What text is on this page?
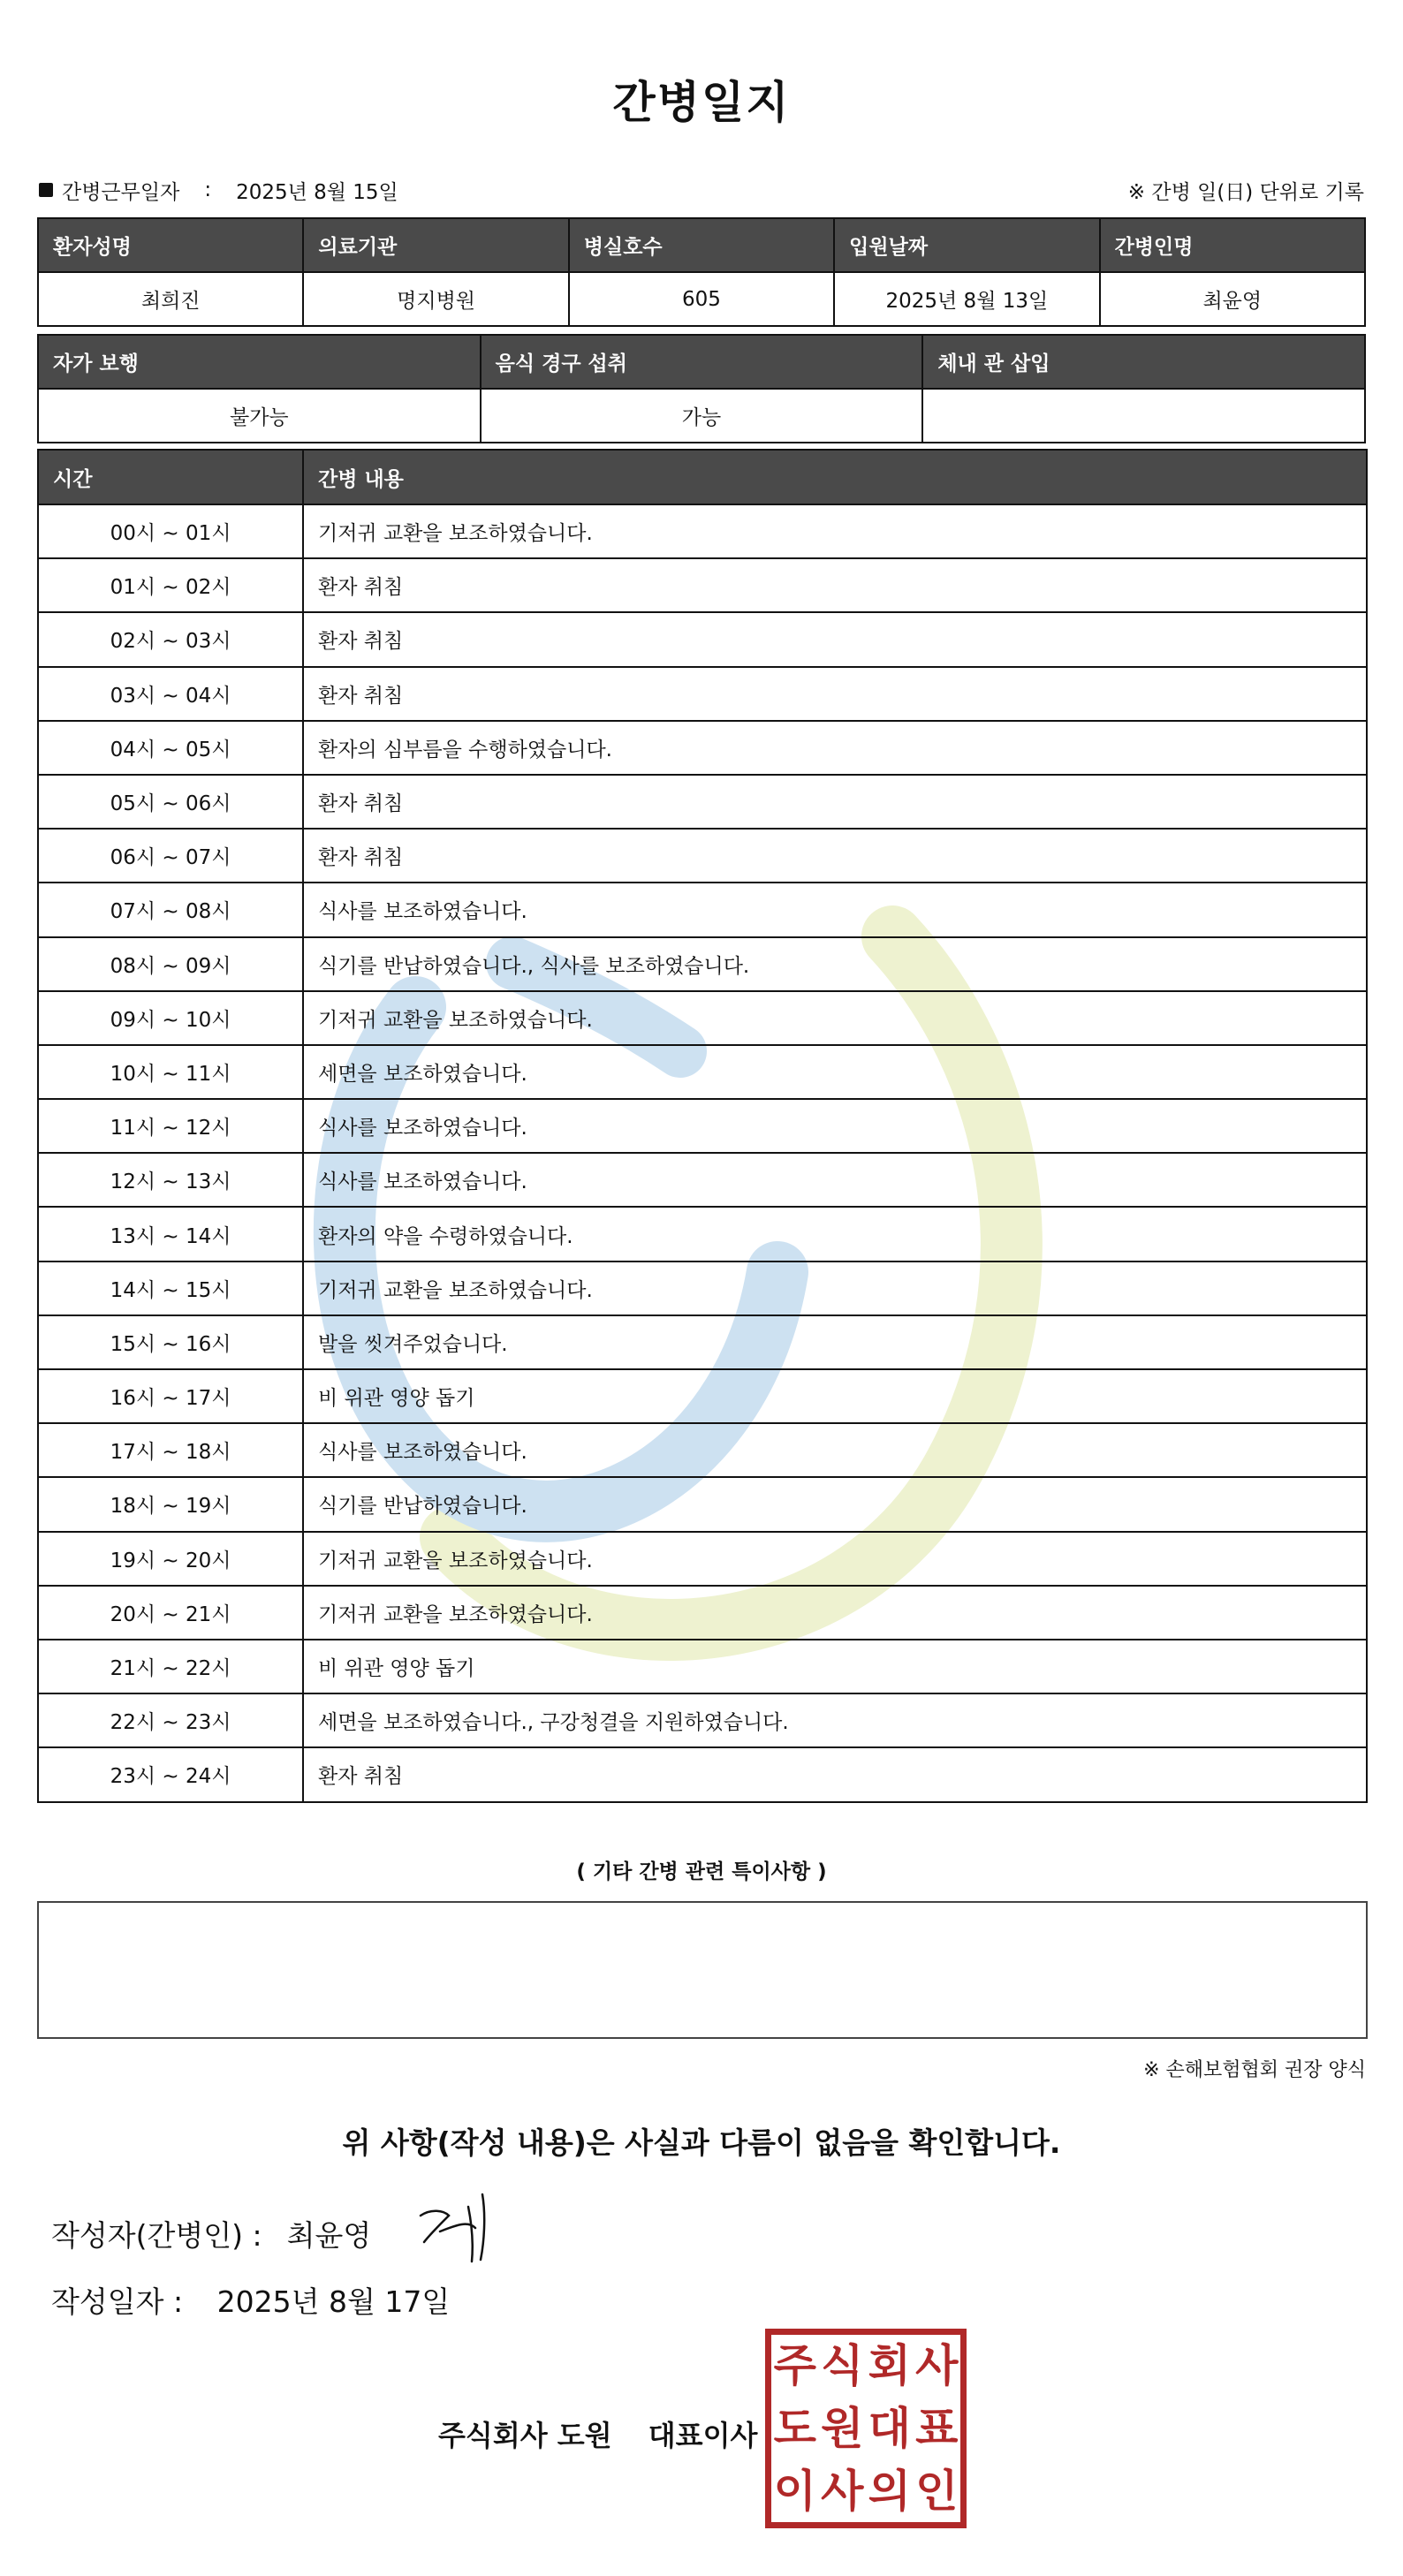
간병일지
간병근무일자 : 2025년 8월 15일	※ 간병 일(日) 단위로 기록
환자성명	의료기관	병실호수	입원날짜	간병인명
최희진	명지병원	605	2025년 8월 13일	최윤영
자가 보행	음식 경구 섭취	체내 관 삽입
불가능	가능	
시간	간병 내용
00시 ~ 01시	기저귀 교환을 보조하였습니다.
01시 ~ 02시	환자 취침
02시 ~ 03시	환자 취침
03시 ~ 04시	환자 취침
04시 ~ 05시	환자의 심부름을 수행하였습니다.
05시 ~ 06시	환자 취침
06시 ~ 07시	환자 취침
07시 ~ 08시	식사를 보조하였습니다.
08시 ~ 09시	식기를 반납하였습니다., 식사를 보조하였습니다.
09시 ~ 10시	기저귀 교환을 보조하였습니다.
10시 ~ 11시	세면을 보조하였습니다.
11시 ~ 12시	식사를 보조하였습니다.
12시 ~ 13시	식사를 보조하였습니다.
13시 ~ 14시	환자의 약을 수령하였습니다.
14시 ~ 15시	기저귀 교환을 보조하였습니다.
15시 ~ 16시	발을 씻겨주었습니다.
16시 ~ 17시	비 위관 영양 돕기
17시 ~ 18시	식사를 보조하였습니다.
18시 ~ 19시	식기를 반납하였습니다.
19시 ~ 20시	기저귀 교환을 보조하였습니다.
20시 ~ 21시	기저귀 교환을 보조하였습니다.
21시 ~ 22시	비 위관 영양 돕기
22시 ~ 23시	세면을 보조하였습니다., 구강청결을 지원하였습니다.
23시 ~ 24시	환자 취침
( 기타 간병 관련 특이사항 )
※ 손해보험협회 권장 양식
위 사항(작성 내용)은 사실과 다름이 없음을 확인합니다.
작성자(간병인) : 최윤영
작성일자 : 2025년 8월 17일
주식회사 도원 대표이사
주 식 회 사
도 원 대 표
이 사 의 인
